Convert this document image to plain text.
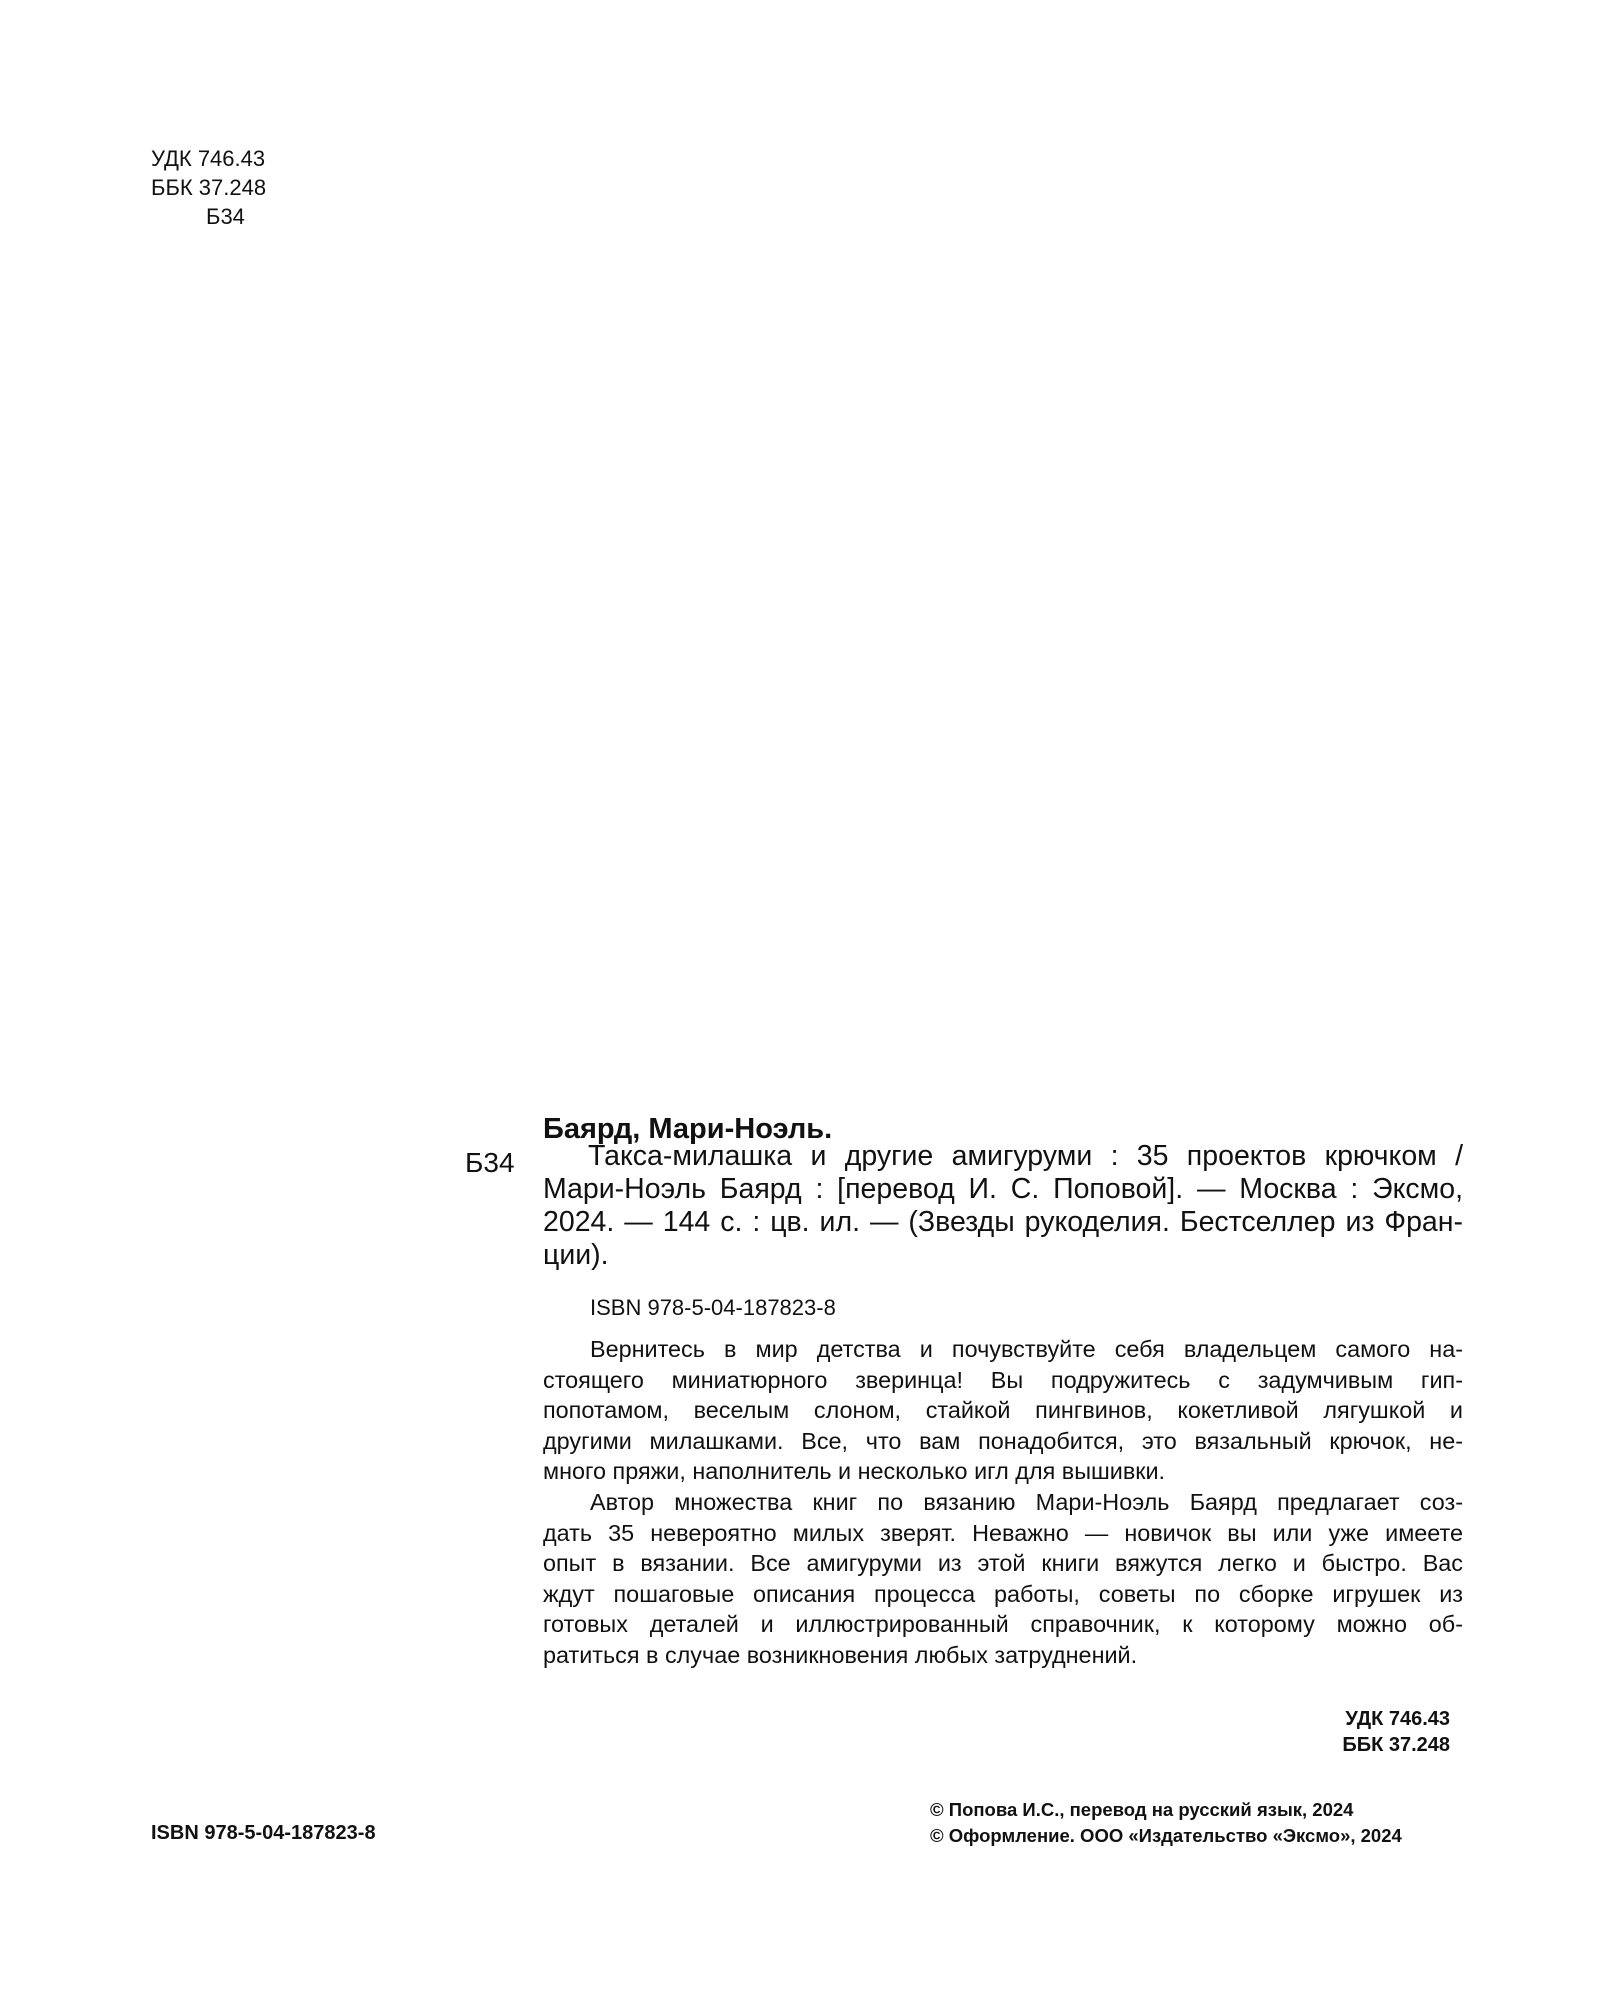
УДК 746.43
ББК 37.248
Б34
Баярд, Мари-Ноэль.
Б34	Такса-милашка и другие амигуруми : 35 проектов крючком /
Мари-Ноэль Баярд : [перевод И. С. Поповой]. — Москва : Эксмо,
2024. — 144 с. : цв. ил. — (Звезды рукоделия. Бестселлер из Фран-
ции).
ISBN 978-5-04-187823-8
Вернитесь в мир детства и почувствуйте себя владельцем самого на-
стоящего миниатюрного зверинца! Вы подружитесь с задумчивым гип-
попотамом, веселым слоном, стайкой пингвинов, кокетливой лягушкой и
другими милашками. Все, что вам понадобится, это вязальный крючок, не-
много пряжи, наполнитель и несколько игл для вышивки.
Автор множества книг по вязанию Мари-Ноэль Баярд предлагает соз-
дать 35 невероятно милых зверят. Неважно — новичок вы или уже имеете
опыт в вязании. Все амигуруми из этой книги вяжутся легко и быстро. Вас
ждут пошаговые описания процесса работы, советы по сборке игрушек из
готовых деталей и иллюстрированный справочник, к которому можно об-
ратиться в случае возникновения любых затруднений.
УДК 746.43
ББК 37.248
ISBN 978-5-04-187823-8
© Попова И.С., перевод на русский язык, 2024
© Оформление. ООО «Издательство «Эксмо», 2024
